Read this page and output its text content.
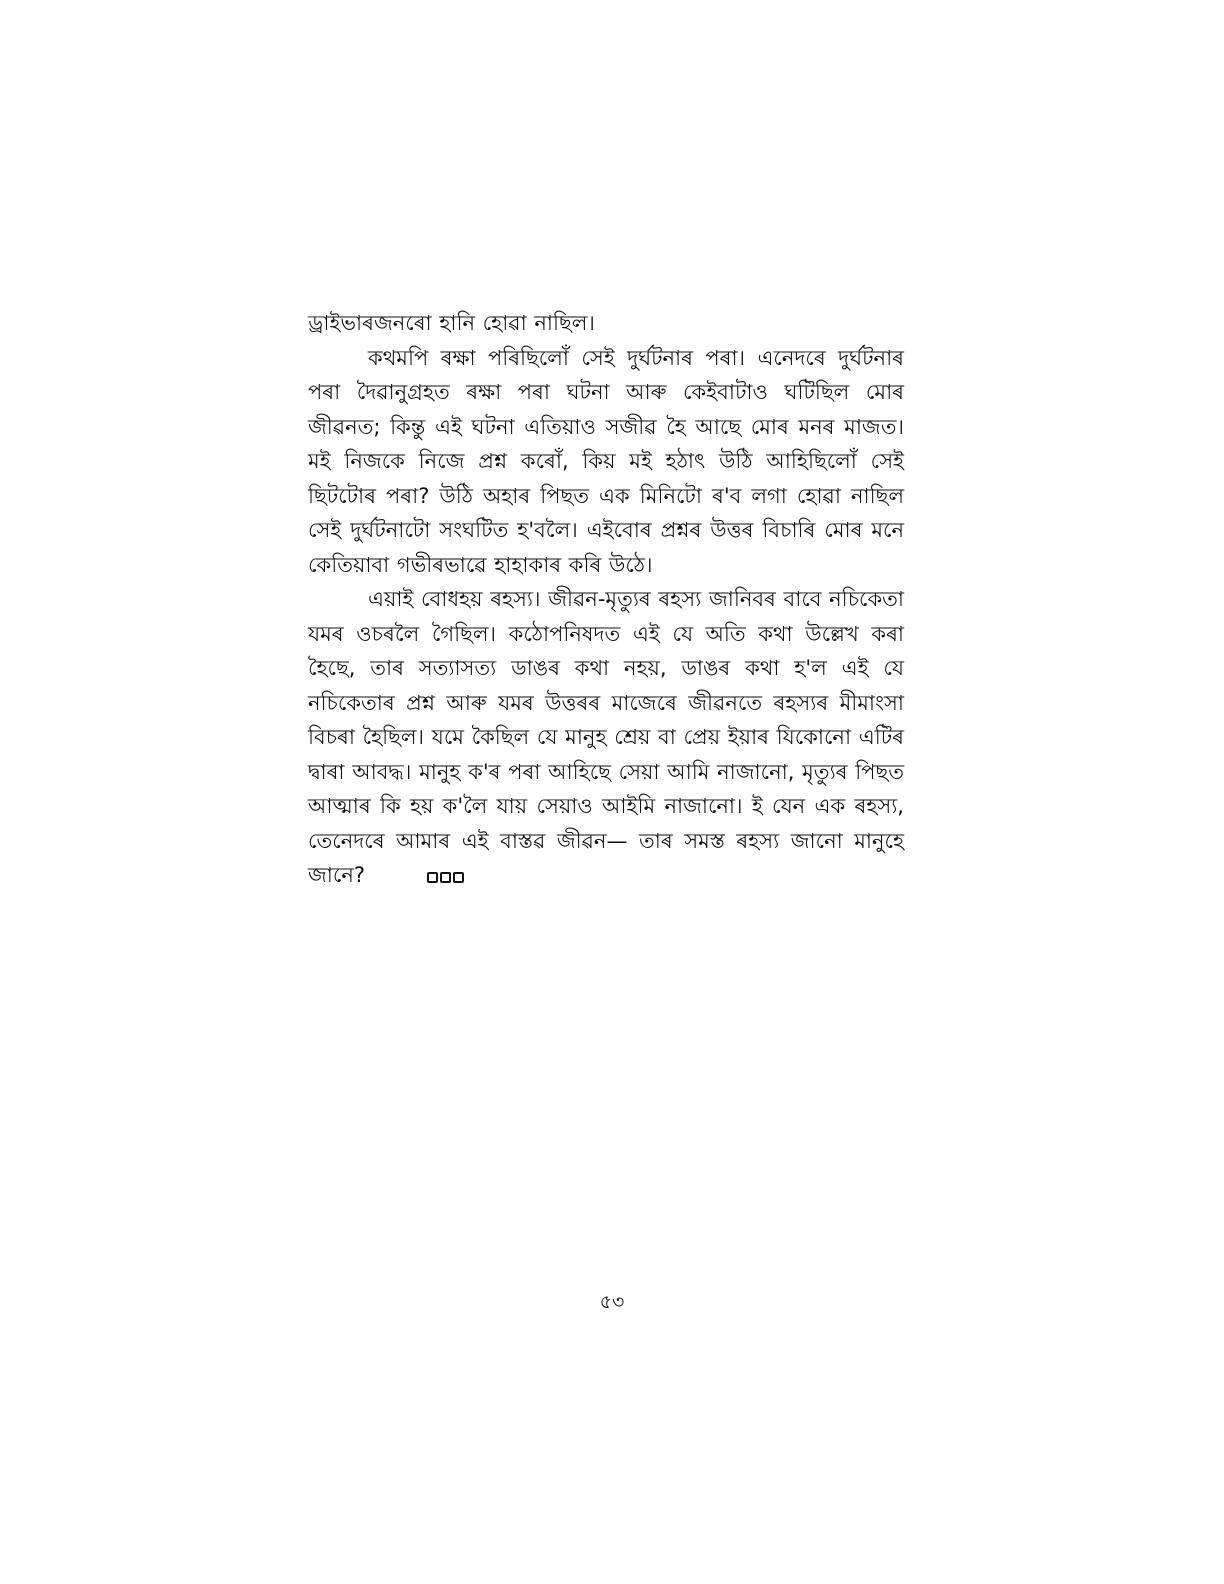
ড্ৰাইভাৰজনৰো হানি হোৱা নাছিল।

কথমপি ৰক্ষা পৰিছিলোঁ সেই দুৰ্ঘটনাৰ পৰা। এনেদৰে দুৰ্ঘটনাৰ পৰা দৈৱানুগ্ৰহত ৰক্ষা পৰা ঘটনা আৰু কেইবাটাও ঘটিছিল মোৰ জীৱনত; কিন্তু এই ঘটনা এতিয়াও সজীৱ হৈ আছে মোৰ মনৰ মাজত। মই নিজকে নিজে প্ৰশ্ন কৰোঁ, কিয় মই হঠাৎ উঠি আহিছিলোঁ সেই ছিটটোৰ পৰা? উঠি অহাৰ পিছত এক মিনিটো ৰ'ব লগা হোৱা নাছিল সেই দুৰ্ঘটনাটো সংঘটিত হ'বলৈ। এইবোৰ প্ৰশ্নৰ উত্তৰ বিচাৰি মোৰ মনে কেতিয়াবা গভীৰভাৱে হাহাকাৰ কৰি উঠে।

এয়াই বোধহয় ৰহস্য। জীৱন-মৃত্যুৰ ৰহস্য জানিবৰ বাবে নচিকেতা যমৰ ওচৰলৈ গৈছিল। কঠোপনিষদত এই যে অতি কথা উল্লেখ কৰা হৈছে, তাৰ সত্যাসত্য ডাঙৰ কথা নহয়, ডাঙৰ কথা হ'ল এই যে নচিকেতাৰ প্ৰশ্ন আৰু যমৰ উত্তৰৰ মাজেৰে জীৱনতে ৰহস্যৰ মীমাংসা বিচৰা হৈছিল। যমে কৈছিল যে মানুহ শ্ৰেয় বা প্ৰেয় ইয়াৰ যিকোনো এটিৰ দ্বাৰা আবদ্ধ। মানুহ ক'ৰ পৰা আহিছে সেয়া আমি নাজানো, মৃত্যুৰ পিছত আত্মাৰ কি হয় ক'লৈ যায় সেয়াও আইমি নাজানো। ই যেন এক ৰহস্য, তেনেদৰে আমাৰ এই বাস্তৱ জীৱন— তাৰ সমস্ত ৰহস্য জানো মানুহে জানে?

৫৩
